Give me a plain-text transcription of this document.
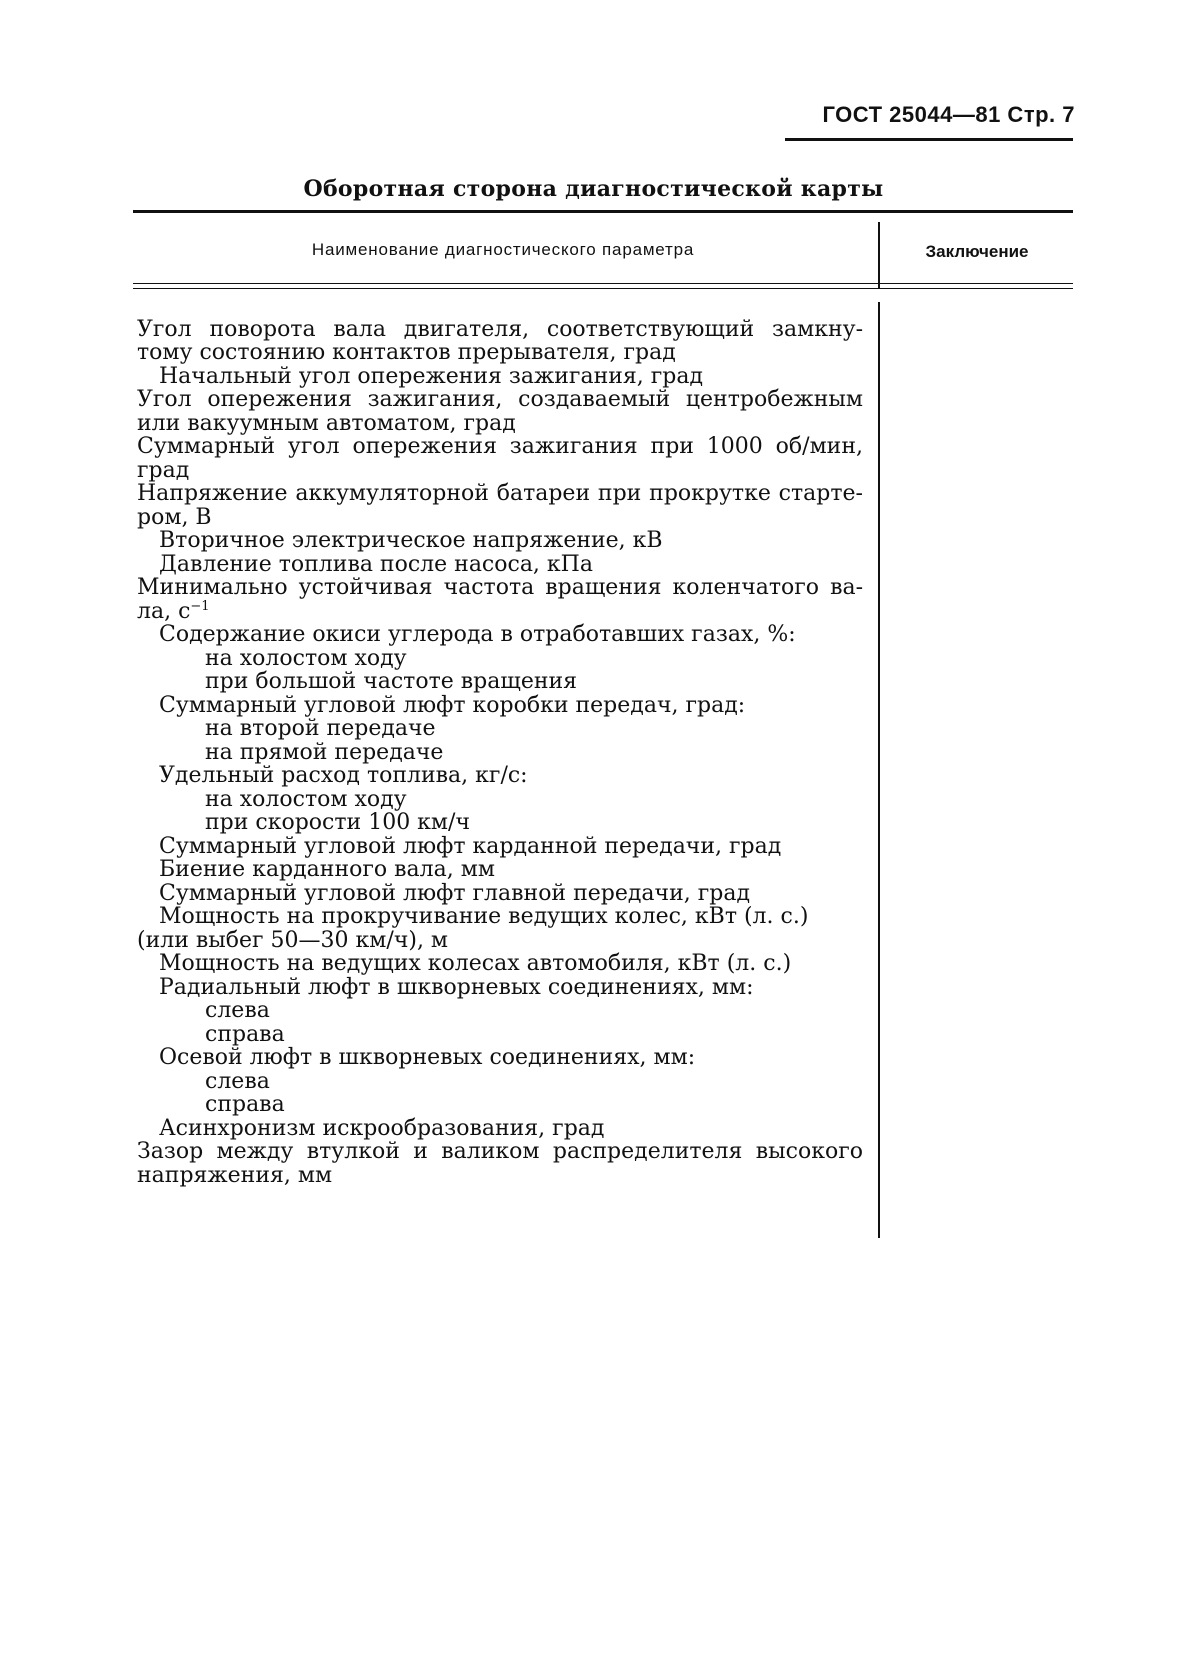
ГОСТ 25044—81 Стр. 7
Оборотная сторона диагностической карты
Наименование диагностического параметра	Заключение
Угол поворота вала двигателя, соответствующий замкну-
тому состоянию контактов прерывателя, град
Начальный угол опережения зажигания, град
Угол опережения зажигания, создаваемый центробежным
или вакуумным автоматом, град
Суммарный угол опережения зажигания при 1000 об/мин,
град
Напряжение аккумуляторной батареи при прокрутке старте-
ром, В
Вторичное электрическое напряжение, кВ
Давление топлива после насоса, кПа
Минимально устойчивая частота вращения коленчатого ва-
ла, $с^{-1}$
Содержание окиси углерода в отработавших газах, %:
на холостом ходу
при большой частоте вращения
Суммарный угловой люфт коробки передач, град:
на второй передаче
на прямой передаче
Удельный расход топлива, кг/с:
на холостом ходу
при скорости 100 км/ч
Суммарный угловой люфт карданной передачи, град
Биение карданного вала, мм
Суммарный угловой люфт главной передачи, град
Мощность на прокручивание ведущих колес, кВт (л. с.)
(или выбег 50—30 км/ч), м
Мощность на ведущих колесах автомобиля, кВт (л. с.)
Радиальный люфт в шкворневых соединениях, мм:
слева
справа
Осевой люфт в шкворневых соединениях, мм:
слева
справа
Асинхронизм искрообразования, град
Зазор между втулкой и валиком распределителя высокого
напряжения, мм
